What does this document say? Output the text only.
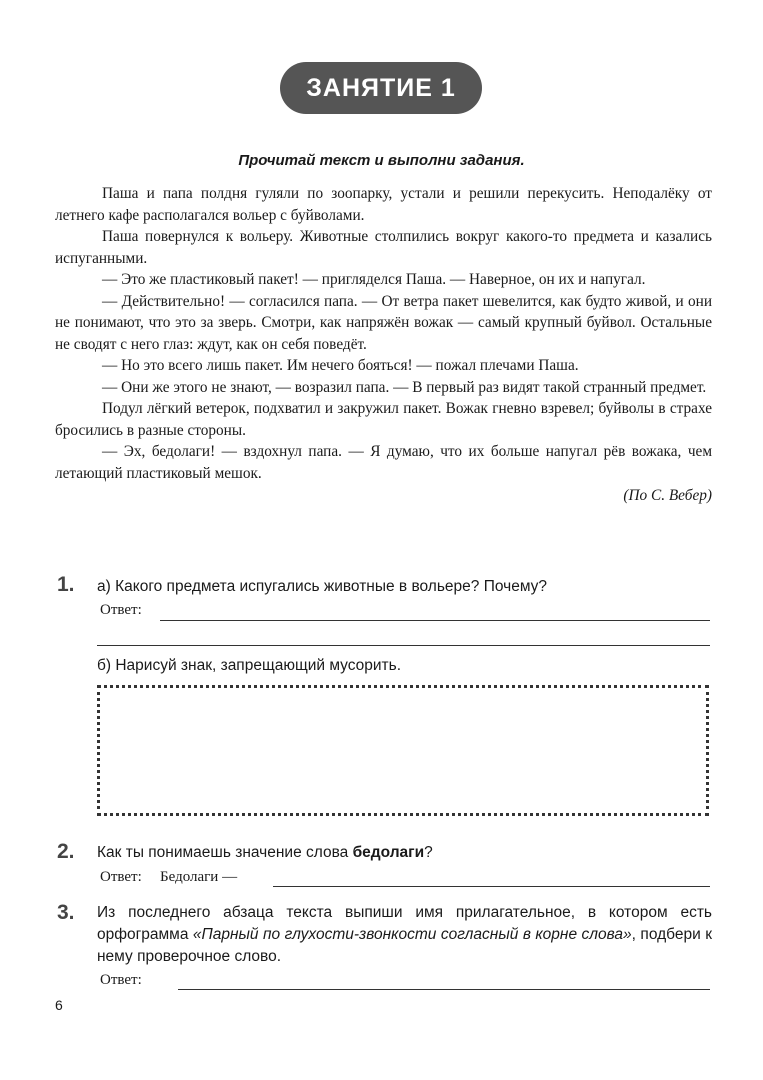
ЗАНЯТИЕ 1
Прочитай текст и выполни задания.

Паша и папа полдня гуляли по зоопарку, устали и решили перекусить. Неподалёку от летнего кафе располагался вольер с буйволами.

Паша повернулся к вольеру. Животные столпились вокруг какого-то предмета и казались испуганными.

— Это же пластиковый пакет! — пригляделся Паша. — Наверное, он их и напугал.

— Действительно! — согласился папа. — От ветра пакет шевелится, как будто живой, и они не понимают, что это за зверь. Смотри, как напряжён вожак — самый крупный буйвол. Остальные не сводят с него глаз: ждут, как он себя поведёт.

— Но это всего лишь пакет. Им нечего бояться! — пожал плечами Паша.

— Они же этого не знают, — возразил папа. — В первый раз видят такой странный предмет.

Подул лёгкий ветерок, подхватил и закружил пакет. Вожак гневно взревел; буйволы в страхе бросились в разные стороны.

— Эх, бедолаги! — вздохнул папа. — Я думаю, что их больше напугал рёв вожака, чем летающий пластиковый мешок.

(По С. Вебер)

1. а) Какого предмета испугались животные в вольере? Почему?
Ответ:
б) Нарисуй знак, запрещающий мусорить.
2. Как ты понимаешь значение слова бедолаги?
Ответ: Бедолаги —
3. Из последнего абзаца текста выпиши имя прилагательное, в котором есть орфограмма «Парный по глухости-звонкости согласный в корне слова», подбери к нему проверочное слово.
Ответ:
6
